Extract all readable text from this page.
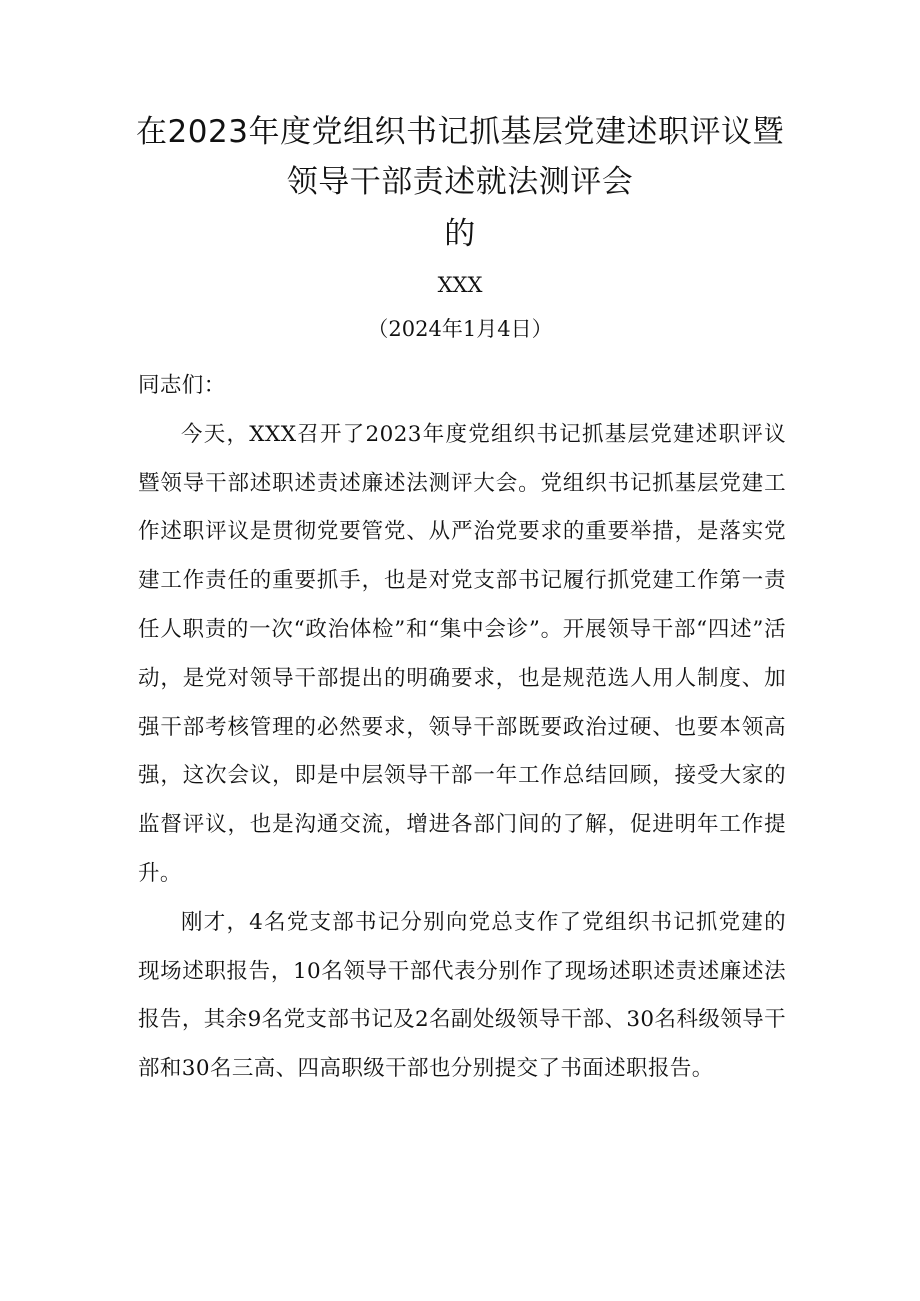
在2023年度党组织书记抓基层党建述职评议暨
领导干部责述就法测评会
的
XXX
（2024年1月4日）

同志们：

今天，XXX召开了2023年度党组织书记抓基层党建述职评议暨领导干部述职述责述廉述法测评大会。党组织书记抓基层党建工作述职评议是贯彻党要管党、从严治党要求的重要举措，是落实党建工作责任的重要抓手，也是对党支部书记履行抓党建工作第一责任人职责的一次“政治体检”和“集中会诊”。开展领导干部“四述”活动，是党对领导干部提出的明确要求，也是规范选人用人制度、加强干部考核管理的必然要求，领导干部既要政治过硬、也要本领高强，这次会议，即是中层领导干部一年工作总结回顾，接受大家的监督评议，也是沟通交流，增进各部门间的了解，促进明年工作提升。

刚才，4名党支部书记分别向党总支作了党组织书记抓党建的现场述职报告，10名领导干部代表分别作了现场述职述责述廉述法报告，其余9名党支部书记及2名副处级领导干部、30名科级领导干部和30名三高、四高职级干部也分别提交了书面述职报告。
